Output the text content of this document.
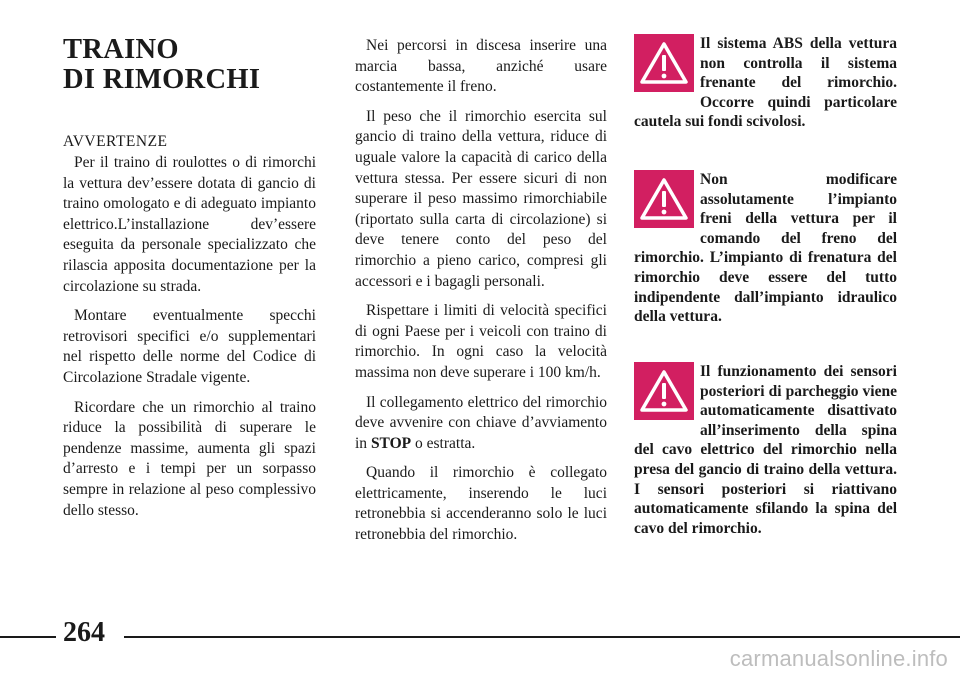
TRAINO
DI RIMORCHI
AVVERTENZE

Per il traino di roulottes o di rimorchi la vettura dev’essere dotata di gancio di traino omologato e di adeguato impianto elettrico.L’installazione dev’essere eseguita da personale specializzato che rilascia apposita documentazione per la circolazione su strada.

Montare eventualmente specchi retrovisori specifici e/o supplementari nel rispetto delle norme del Codice di Circolazione Stradale vigente.

Ricordare che un rimorchio al traino riduce la possibilità di superare le pendenze massime, aumenta gli spazi d’arresto e i tempi per un sorpasso sempre in relazione al peso complessivo dello stesso.

Nei percorsi in discesa inserire una marcia bassa, anziché usare costantemente il freno.

Il peso che il rimorchio esercita sul gancio di traino della vettura, riduce di uguale valore la capacità di carico della vettura stessa. Per essere sicuri di non superare il peso massimo rimorchiabile (riportato sulla carta di circolazione) si deve tenere conto del peso del rimorchio a pieno carico, compresi gli accessori e i bagagli personali.

Rispettare i limiti di velocità specifici di ogni Paese per i veicoli con traino di rimorchio. In ogni caso la velocità massima non deve superare i 100 km/h.

Il collegamento elettrico del rimorchio deve avvenire con chiave d’avviamento in STOP o estratta.

Quando il rimorchio è collegato elettricamente, inserendo le luci retronebbia si accenderanno solo le luci retronebbia del rimorchio.

Il sistema ABS della vettura non controlla il sistema frenante del rimorchio. Occorre quindi particolare cautela sui fondi scivolosi.

Non modificare assolutamente l’impianto freni della vettura per il comando del freno del rimorchio. L’impianto di frenatura del rimorchio deve essere del tutto indipendente dall’impianto idraulico della vettura.

Il funzionamento dei sensori posteriori di parcheggio viene automaticamente disattivato all’inserimento della spina del cavo elettrico del rimorchio nella presa del gancio di traino della vettura. I sensori posteriori si riattivano automaticamente sfilando la spina del cavo del rimorchio.

264
carmanualsonline.info
